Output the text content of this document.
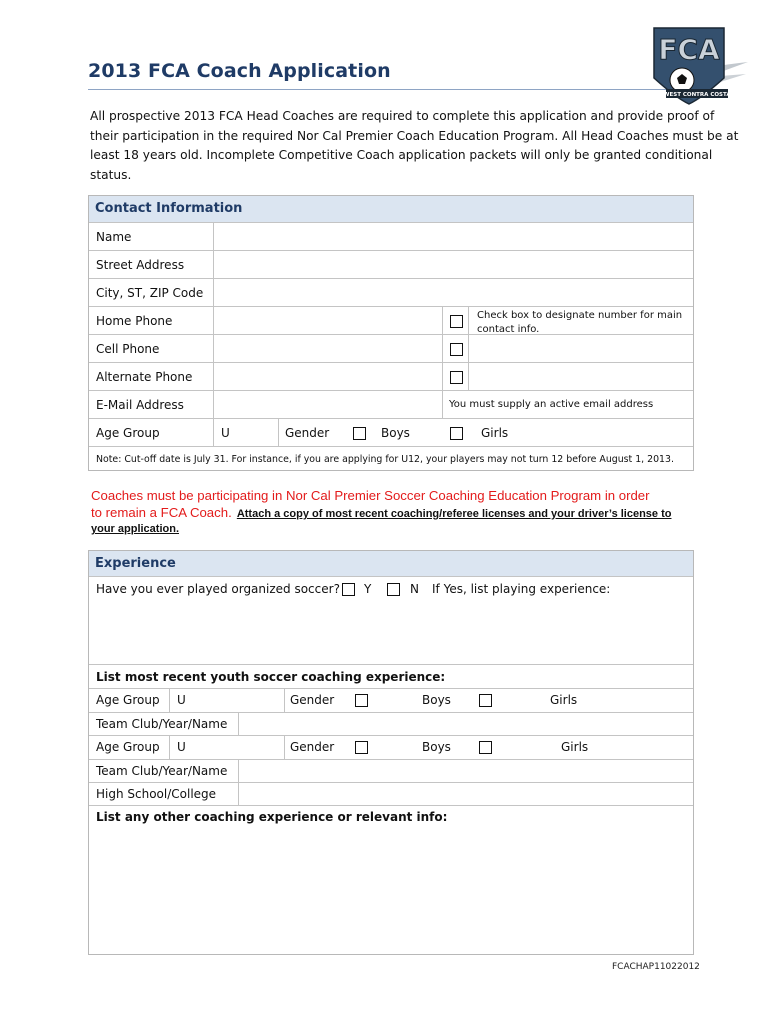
2013 FCA Coach Application
FCA
WEST CONTRA COSTA
All prospective 2013 FCA Head Coaches are required to complete this application and provide proof of
their participation in the required Nor Cal Premier Coach Education Program. All Head Coaches must be at
least 18 years old. Incomplete Competitive Coach application packets will only be granted conditional
status.
Contact Information
Name
Street Address
City, ST, ZIP Code
Home Phone	Check box to designate number for main
contact info.
Cell Phone
Alternate Phone
E-Mail Address	You must supply an active email address
Age Group	U	Gender	Boys	Girls
Note: Cut-off date is July 31. For instance, if you are applying for U12, your players may not turn 12 before August 1, 2013.
Coaches must be participating in Nor Cal Premier Soccer Coaching Education Program in order
to remain a FCA Coach. Attach a copy of most recent coaching/referee licenses and your driver’s license to
your application.
Experience
Have you ever played organized soccer? Y	N If Yes, list playing experience:
List most recent youth soccer coaching experience:
Age Group U	Gender	Boys	Girls
Team Club/Year/Name
Age Group U	Gender	Boys	Girls
Team Club/Year/Name
High School/College
List any other coaching experience or relevant info:
FCACHAP11022012
